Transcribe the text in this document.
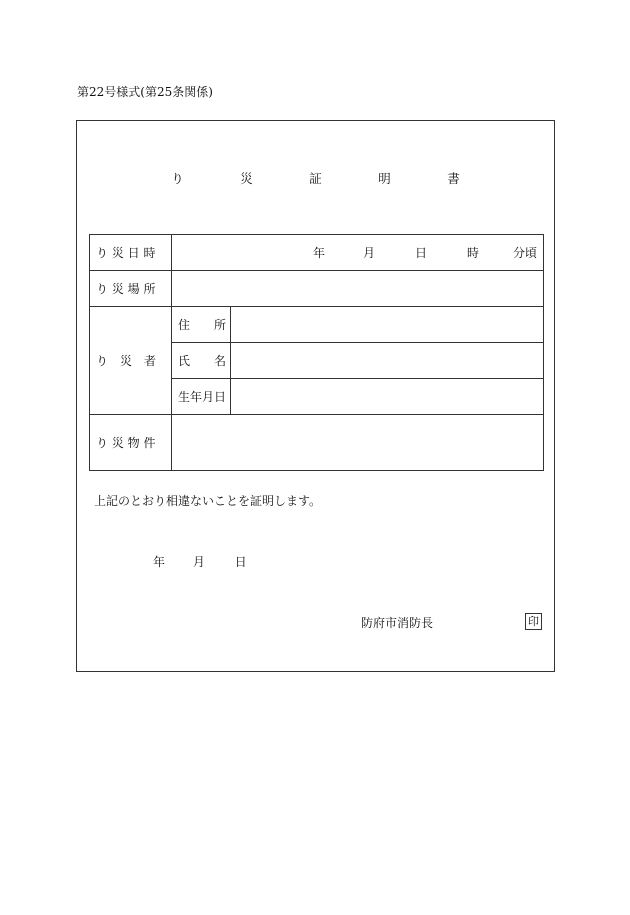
第22号様式(第25条関係)
り　災　証　明　書
り 災 日 時	年 月 日 時 分頃	

り 災 場 所		
り　災　者	住　　所	
	氏　　名	
	生年月日	
り 災 物 件		
上記のとおり相違ないことを証明します。
年 月 日
防府市消防長	印
